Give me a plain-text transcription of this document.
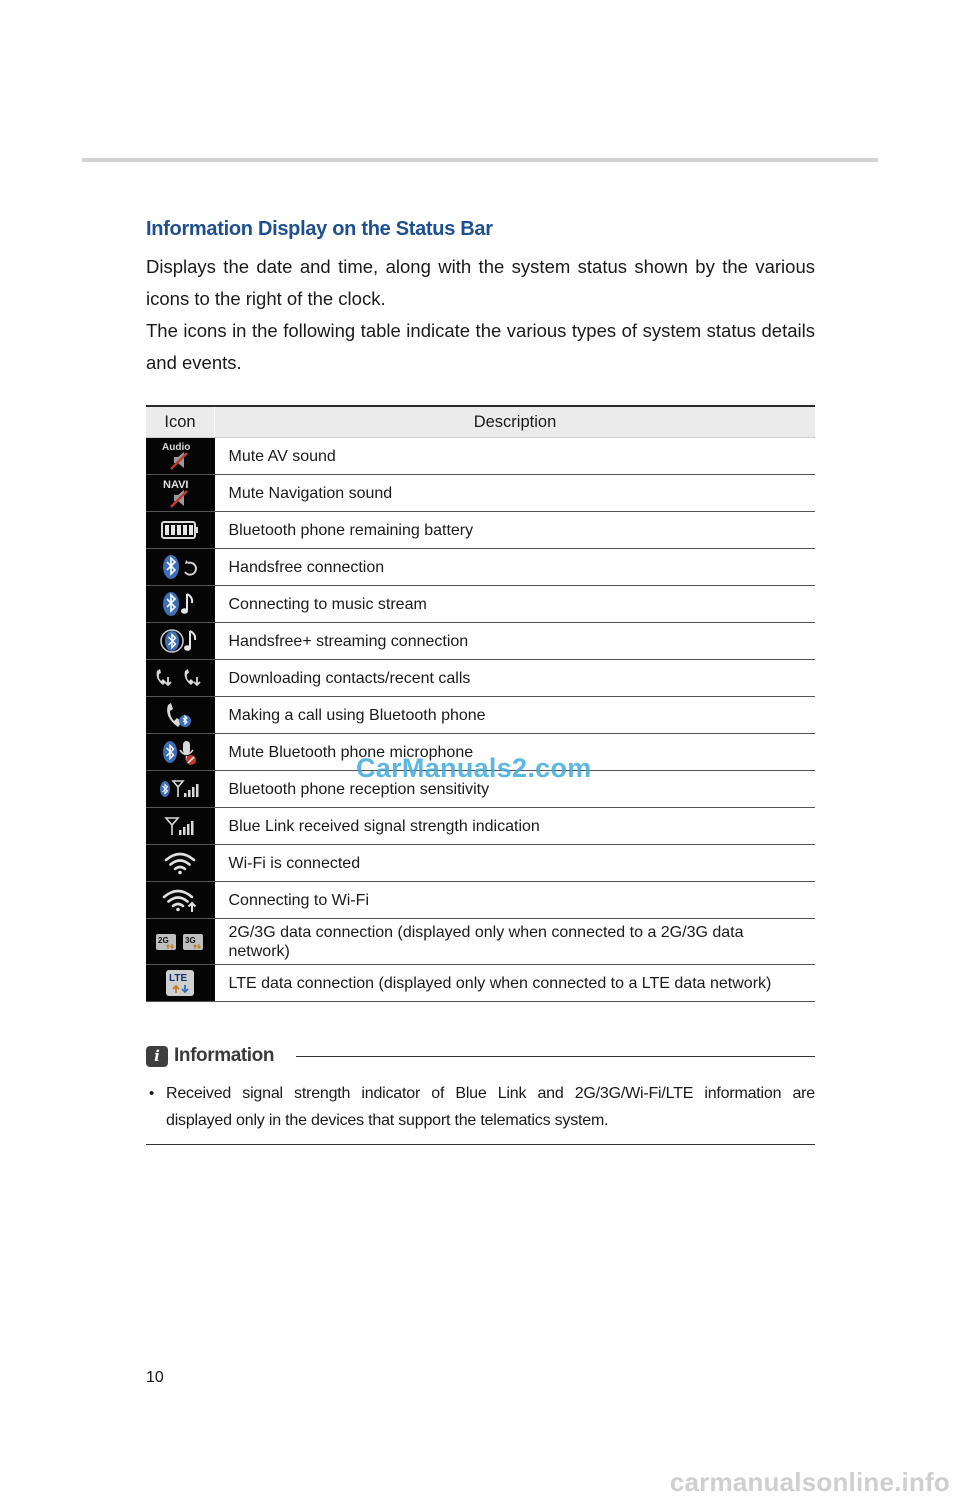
Information Display on the Status Bar

Displays the date and time, along with the system status shown by the various icons to the right of the clock.

The icons in the following table indicate the various types of system status details and events.

Icon	Description

Audio	Mute AV sound

NAVI	Mute Navigation sound
	Bluetooth phone remaining battery
	Handsfree connection
	Connecting to music stream
	Handsfree+ streaming connection
	Downloading contacts/recent calls
	Making a call using Bluetooth phone
	Mute Bluetooth phone microphone
	Bluetooth phone reception sensitivity
	Blue Link received signal strength indication
	Wi-Fi is connected
	Connecting to Wi-Fi

2G 3G	2G/3G data connection (displayed only when connected to a 2G/3G data network)

LTE	LTE data connection (displayed only when connected to a LTE data network)
CarManuals2.com
i Information
• Received signal strength indicator of Blue Link and 2G/3G/Wi-Fi/LTE information are displayed only in the devices that support the telematics system.
10
carmanualsonline.info
